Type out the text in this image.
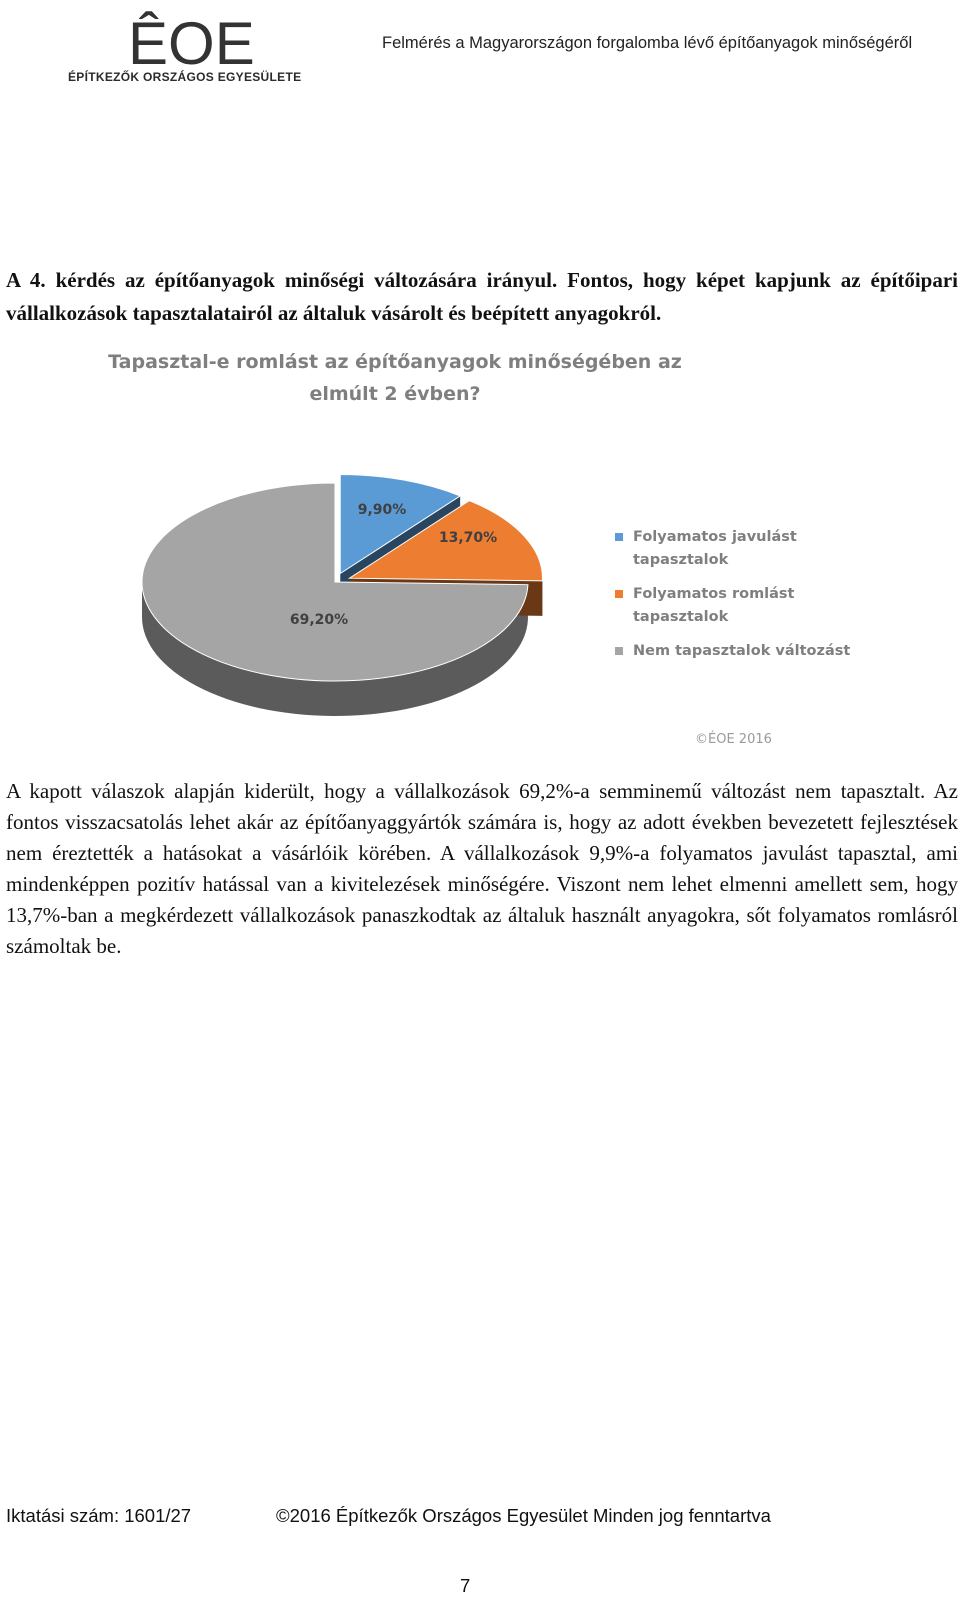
ÊOE
ÉPÍTKEZŐK ORSZÁGOS EGYESÜLETE
Felmérés a Magyarországon forgalomba lévő építőanyagok minőségéről
A 4. kérdés az építőanyagok minőségi változására irányul. Fontos, hogy képet kapjunk az építőipari vállalkozások tapasztalatairól az általuk vásárolt és beépített anyagokról.
9,90%
13,70%
69,20%
Tapasztal-e romlást az építőanyagok minőségében az
elmúlt 2 évben?
Folyamatos javulást
tapasztalok
Folyamatos romlást
tapasztalok
Nem tapasztalok változást
©ÉOE 2016
A kapott válaszok alapján kiderült, hogy a vállalkozások 69,2%-a semminemű változást nem tapasztalt. Az fontos visszacsatolás lehet akár az építőanyaggyártók számára is, hogy az adott években bevezetett fejlesztések nem éreztették a hatásokat a vásárlóik körében. A vállalkozások 9,9%-a folyamatos javulást tapasztal, ami mindenképpen pozitív hatással van a kivitelezések minőségére. Viszont nem lehet elmenni amellett sem, hogy 13,7%-ban a megkérdezett vállalkozások panaszkodtak az általuk használt anyagokra, sőt folyamatos romlásról számoltak be.
Iktatási szám: 1601/27	©2016 Építkezők Országos Egyesület Minden jog fenntartva
7
